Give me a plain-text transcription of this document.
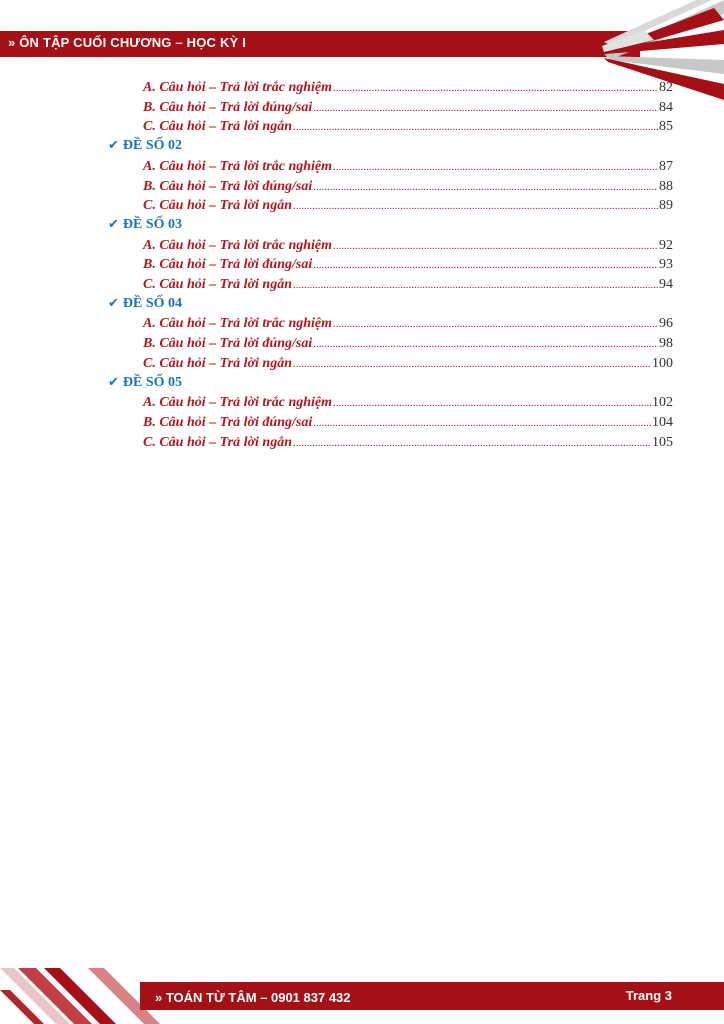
» ÔN TẬP CUỐI CHƯƠNG – HỌC KỲ I
A. Câu hỏi – Trả lời trắc nghiệm .....	82
B. Câu hỏi – Trả lời đúng/sai .....	84
C. Câu hỏi – Trả lời ngắn .....	85
✔ ĐỀ SỐ 02
A. Câu hỏi – Trả lời trắc nghiệm .....	87
B. Câu hỏi – Trả lời đúng/sai .....	88
C. Câu hỏi – Trả lời ngắn .....	89
✔ ĐỀ SỐ 03
A. Câu hỏi – Trả lời trắc nghiệm .....	92
B. Câu hỏi – Trả lời đúng/sai .....	93
C. Câu hỏi – Trả lời ngắn .....	94
✔ ĐỀ SỐ 04
A. Câu hỏi – Trả lời trắc nghiệm .....	96
B. Câu hỏi – Trả lời đúng/sai .....	98
C. Câu hỏi – Trả lời ngắn .....	100
✔ ĐỀ SỐ 05
A. Câu hỏi – Trả lời trắc nghiệm .....	102
B. Câu hỏi – Trả lời đúng/sai .....	104
C. Câu hỏi – Trả lời ngắn .....	105
» TOÁN TỪ TÂM – 0901 837 432	Trang 3
